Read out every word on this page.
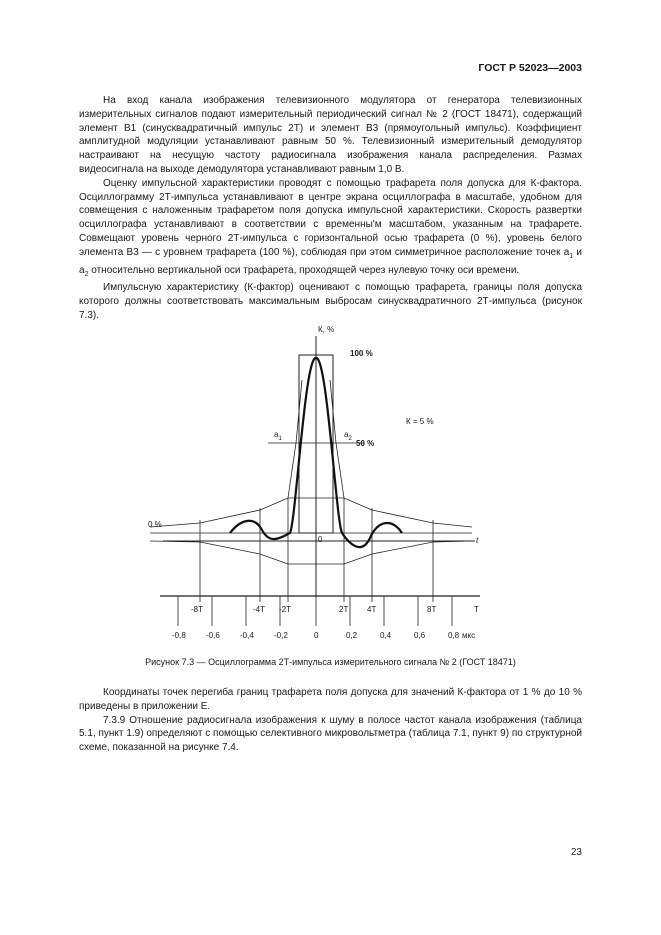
ГОСТ Р 52023—2003

На вход канала изображения телевизионного модулятора от генератора телевизионных измерительных сигналов подают измерительный периодический сигнал № 2 (ГОСТ 18471), содержащий элемент В1 (синусквадратичный импульс 2Т) и элемент В3 (прямоугольный импульс). Коэффициент амплитудной модуляции устанавливают равным 50 %. Телевизионный измерительный демодулятор настраивают на несущую частоту радиосигнала изображения канала распределения. Размах видеосигнала на выходе демодулятора устанавливают равным 1,0 В.

Оценку импульсной характеристики проводят с помощью трафарета поля допуска для К-фактора. Осциллограмму 2Т-импульса устанавливают в центре экрана осциллографа в масштабе, удобном для совмещения с наложенным трафаретом поля допуска импульсной характеристики. Скорость развертки осциллографа устанавливают в соответствии с временны'м масштабом, указанным на трафарете. Совмещают уровень черного 2Т-импульса с горизонтальной осью трафарета (0 %), уровень белого элемента В3 — с уровнем трафарета (100 %), соблюдая при этом симметричное расположение точек $а_1$ и $а_2$ относительно вертикальной оси трафарета, проходящей через нулевую точку оси времени.

Импульсную характеристику (К-фактор) оценивают с помощью трафарета, границы поля допуска которого должны соответствовать максимальным выбросам синусквадратичного 2Т-импульса (рисунок 7.3).

К, %
100 %
50 %
К = 5 %
0 %
0	t
$a_1$	$a_2$
-8T	-4T -2T	2T 4T	8T	T
-0,8	-0,6	-0,4	-0,2	0	0,2	0,4	0,6	0,8 мкс
Рисунок 7.3 — Осциллограмма 2Т-импульса измерительного сигнала № 2 (ГОСТ 18471)

Координаты точек перегиба границ трафарета поля допуска для значений К-фактора от 1 % до 10 % приведены в приложении Е.

7.3.9 Отношение радиосигнала изображения к шуму в полосе частот канала изображения (таблица 5.1, пункт 1.9) определяют с помощью селективного микровольтметра (таблица 7.1, пункт 9) по структурной схеме, показанной на рисунке 7.4.

23
